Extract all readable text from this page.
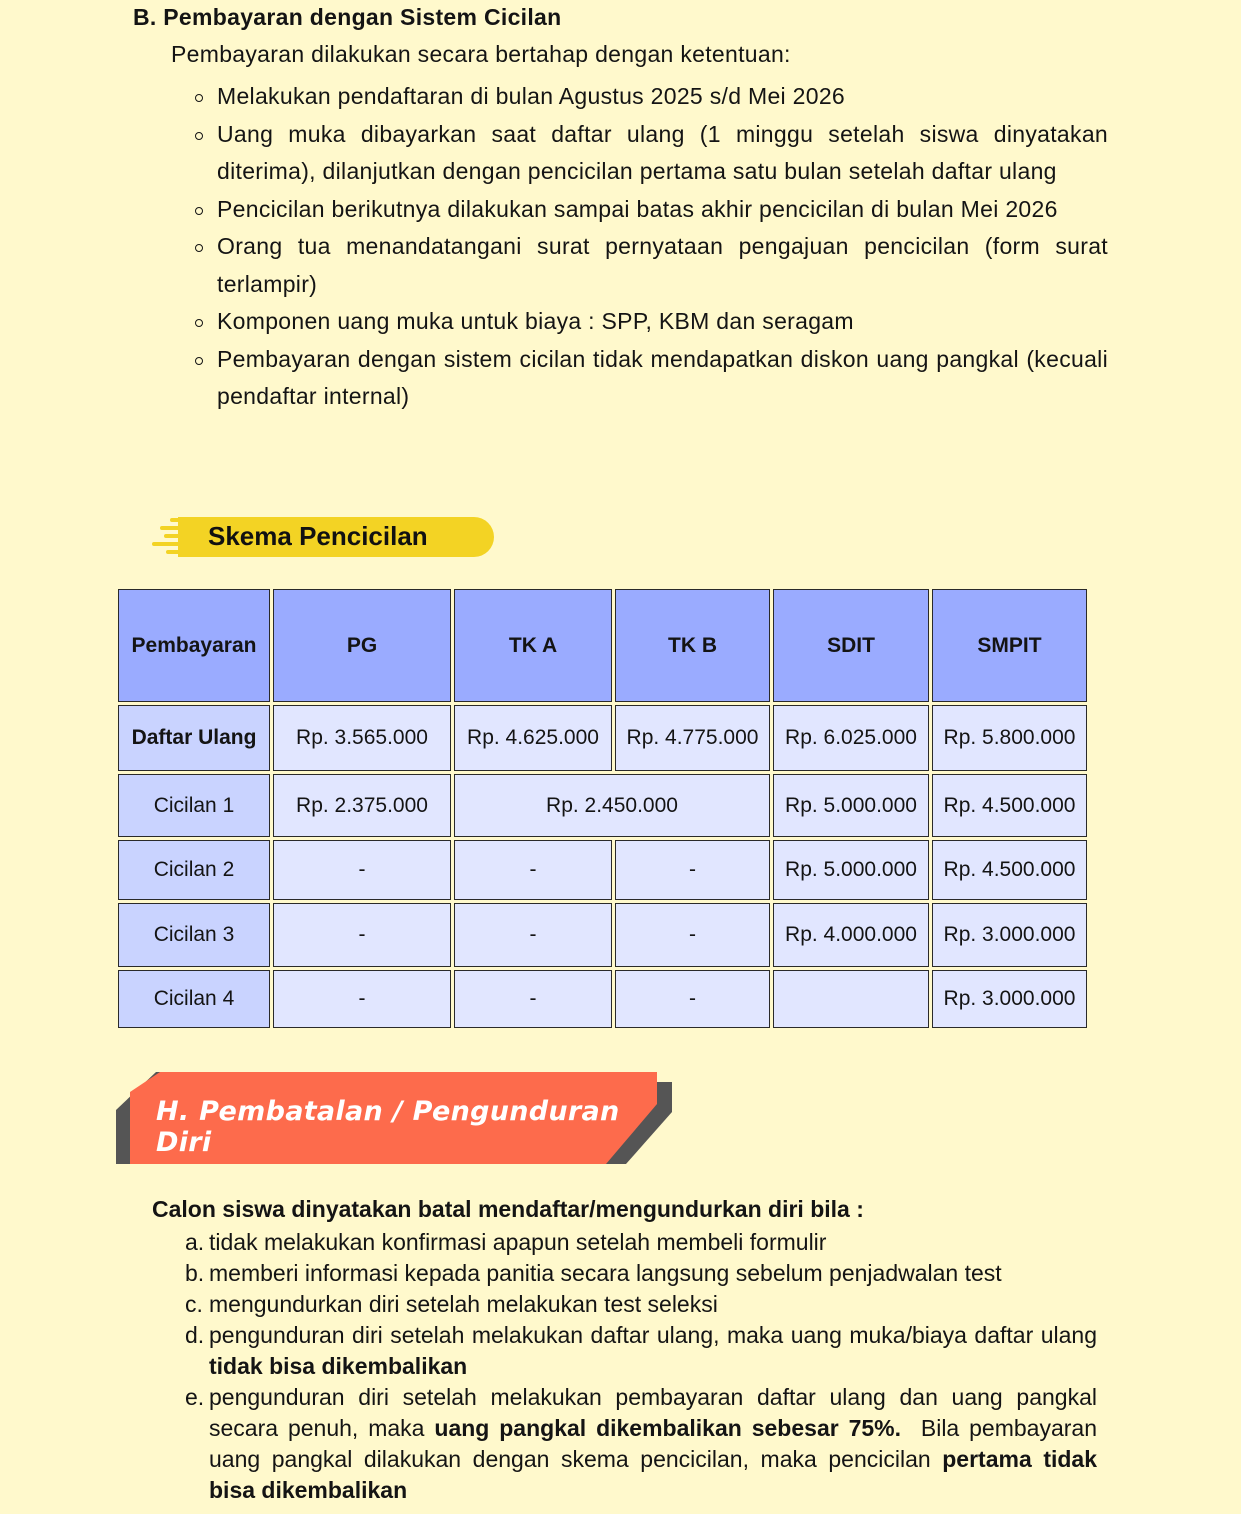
B. Pembayaran dengan Sistem Cicilan
Pembayaran dilakukan secara bertahap dengan ketentuan:
Melakukan pendaftaran di bulan Agustus 2025 s/d Mei 2026
Uang muka dibayarkan saat daftar ulang (1 minggu setelah siswa dinyatakan diterima), dilanjutkan dengan pencicilan pertama satu bulan setelah daftar ulang
Pencicilan berikutnya dilakukan sampai batas akhir pencicilan di bulan Mei 2026
Orang tua menandatangani surat pernyataan pengajuan pencicilan (form surat terlampir)
Komponen uang muka untuk biaya : SPP, KBM dan seragam
Pembayaran dengan sistem cicilan tidak mendapatkan diskon uang pangkal (kecuali pendaftar internal)
Skema Pencicilan
Pembayaran	PG	TK A	TK B	SDIT	SMPIT
Daftar Ulang	Rp. 3.565.000	Rp. 4.625.000	Rp. 4.775.000	Rp. 6.025.000	Rp. 5.800.000
Cicilan 1	Rp. 2.375.000	Rp. 2.450.000		Rp. 5.000.000	Rp. 4.500.000
Cicilan 2	-	-	-	Rp. 5.000.000	Rp. 4.500.000
Cicilan 3	-	-	-	Rp. 4.000.000	Rp. 3.000.000
Cicilan 4	-	-	-		Rp. 3.000.000
H. Pembatalan / Pengunduran Diri
Calon siswa dinyatakan batal mendaftar/mengundurkan diri bila :
a. tidak melakukan konfirmasi apapun setelah membeli formulir
b. memberi informasi kepada panitia secara langsung sebelum penjadwalan test
c. mengundurkan diri setelah melakukan test seleksi
d. pengunduran diri setelah melakukan daftar ulang, maka uang muka/biaya daftar ulang tidak bisa dikembalikan
e. pengunduran diri setelah melakukan pembayaran daftar ulang dan uang pangkal secara penuh, maka uang pangkal dikembalikan sebesar 75%.  Bila pembayaran uang pangkal dilakukan dengan skema pencicilan, maka pencicilan pertama tidak bisa dikembalikan
